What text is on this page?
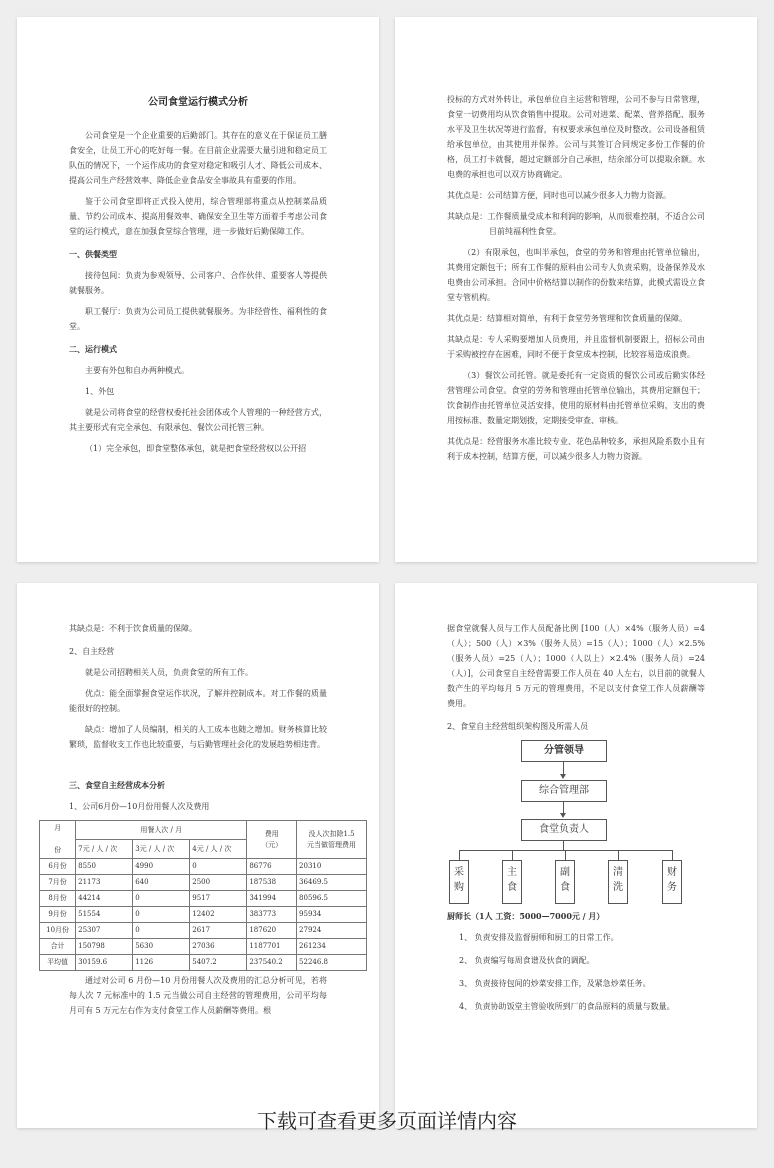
公司食堂运行模式分析

公司食堂是一个企业重要的后勤部门。其存在的意义在于保证员工膳食安全，让员工开心的吃好每一餐。在目前企业需要大量引进和稳定员工队伍的情况下，一个运作成功的食堂对稳定和吸引人才、降低公司成本、提高公司生产经营效率、降低企业食品安全事故具有重要的作用。

鉴于公司食堂即将正式投入使用，综合管理部将重点从控制菜品质量、节约公司成本、提高用餐效率、确保安全卫生等方面着手考虑公司食堂的运行模式，意在加强食堂综合管理，进一步做好后勤保障工作。

一、供餐类型

接待包间：负责为参观领导、公司客户、合作伙伴、重要客人等提供就餐服务。

职工餐厅：负责为公司员工提供就餐服务。为非经营性、福利性的食堂。

二、运行模式

主要有外包和自办两种模式。

1、外包

就是公司将食堂的经营权委托社会团体或个人管理的一种经营方式，其主要形式有完全承包、有限承包、餐饮公司托管三种。

（1）完全承包，即食堂整体承包，就是把食堂经营权以公开招

投标的方式对外转让，承包单位自主运营和管理，公司不参与日常管理，食堂一切费用均从饮食销售中提取。公司对进菜、配菜、营养搭配、服务水平及卫生状况等进行监督，有权要求承包单位及时整改。公司设备租赁给承包单位，由其使用并保养。公司与其签订合同规定多份工作餐的价格，员工打卡就餐，超过定额部分自己承担，结余部分可以提取余额。水电费的承担也可以双方协商确定。

其优点是：公司结算方便，同时也可以减少很多人力物力资源。

其缺点是：工作餐质量受成本和利润的影响，从而很难控制，不适合公司目前纯福利性食堂。

（2）有限承包，也叫半承包，食堂的劳务和管理由托管单位输出，其费用定额包干；所有工作餐的原料由公司专人负责采购，设备保养及水电费由公司承担。合同中价格结算以制作的份数来结算，此模式需设立食堂专管机构。

其优点是：结算相对简单，有利于食堂劳务管理和饮食质量的保障。

其缺点是：专人采购要增加人员费用，并且监督机制要跟上，招标公司由于采购被控存在困难，同时不便于食堂成本控制，比较容易造成浪费。

（3）餐饮公司托管。就是委托有一定资质的餐饮公司或后勤实体经营管理公司食堂。食堂的劳务和管理由托管单位输出，其费用定额包干；饮食制作由托管单位灵活安排，使用的原材料由托管单位采购，支出的费用按标准、数量定期划拨，定期接受审查、审核。

其优点是：经营服务水准比较专业、花色品种较多，承担风险系数小且有利于成本控制，结算方便，可以减少很多人力物力资源。

其缺点是：不利于饮食质量的保障。

2、自主经营

就是公司招聘相关人员，负责食堂的所有工作。

优点：能全面掌握食堂运作状况，了解并控制成本。对工作餐的质量能很好的控制。

缺点：增加了人员编制，相关的人工成本也随之增加。财务核算比较繁琐，监督收支工作也比较重要，与后勤管理社会化的发展趋势相违背。

三、食堂自主经营成本分析

1、公司6月份—10月份用餐人次及费用

月

份	用餐人次 / 月			费用
（元）	没人次扣除1.5
元当做管理费用
	7元 / 人 / 次	3元 / 人 / 次	4元 / 人 / 次		
6月份	8550	4990	0	86776	20310
7月份	21173	640	2500	187538	36469.5
8月份	44214	0	9517	341994	80596.5
9月份	51554	0	12402	383773	95934
10月份	25307	0	2617	187620	27924
合计	150798	5630	27036	1187701	261234
平均值	30159.6	1126	5407.2	237540.2	52246.8

通过对公司 6 月份—10 月份用餐人次及费用的汇总分析可见，若将每人次 7 元标准中的 1.5 元当做公司自主经营的管理费用，公司平均每月可有 5 万元左右作为支付食堂工作人员薪酬等费用。根

据食堂就餐人员与工作人员配备比例 [100（人）×4%（服务人员）=4（人）；500（人）×3%（服务人员）=15（人）；1000（人）×2.5%（服务人员）=25（人）；1000（人以上）×2.4%（服务人员）=24（人）]，公司食堂自主经营需要工作人员在 40 人左右，以目前的就餐人数产生的平均每月 5 万元的管理费用，不足以支付食堂工作人员薪酬等费用。

2、食堂自主经营组织架构图及所需人员

分管领导
综合管理部
食堂负责人
采
购
主
食
副
食
清
洗
财
务
厨师长（1人 工资：5000—7000元 / 月）

1、 负责安排及监督厨师和厨工的日常工作。

2、 负责编写每周食谱及伙食的调配。

3、 负责接待包间的炒菜安排工作，及紧急炒菜任务。

4、 负责协助饭堂主管验收所到厂的食品原料的质量与数量。

下载可查看更多页面详情内容
